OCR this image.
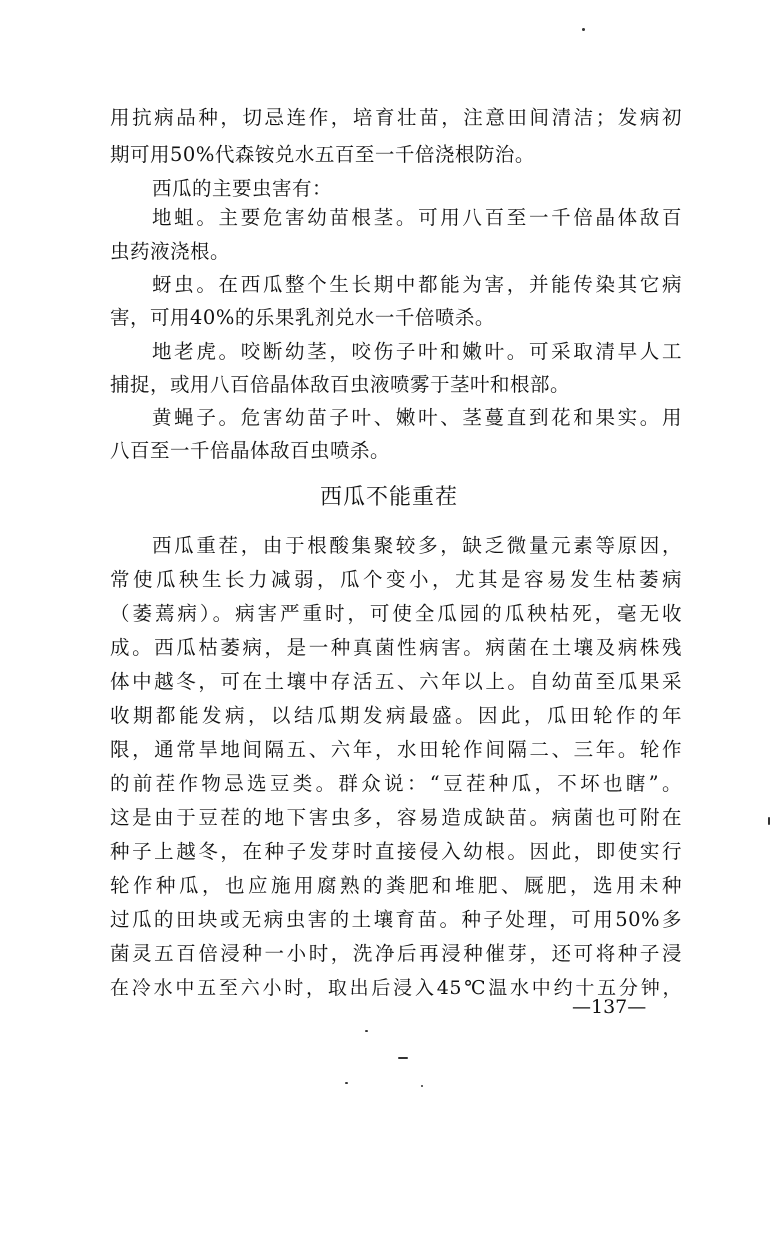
用抗病品种，切忌连作，培育壮苗，注意田间清洁；发病初
期可用50%代森铵兑水五百至一千倍浇根防治。
西瓜的主要虫害有：
地蛆。主要危害幼苗根茎。可用八百至一千倍晶体敌百
虫药液浇根。
蚜虫。在西瓜整个生长期中都能为害，并能传染其它病
害，可用40%的乐果乳剂兑水一千倍喷杀。
地老虎。咬断幼茎，咬伤子叶和嫩叶。可采取清早人工
捕捉，或用八百倍晶体敌百虫液喷雾于茎叶和根部。
黄蝇子。危害幼苗子叶、嫩叶、茎蔓直到花和果实。用
八百至一千倍晶体敌百虫喷杀。
西瓜不能重茬
西瓜重茬，由于根酸集聚较多，缺乏微量元素等原因，
常使瓜秧生长力减弱，瓜个变小，尤其是容易发生枯萎病
（萎蔫病）。病害严重时，可使全瓜园的瓜秧枯死，毫无收
成。西瓜枯萎病，是一种真菌性病害。病菌在土壤及病株残
体中越冬，可在土壤中存活五、六年以上。自幼苗至瓜果采
收期都能发病，以结瓜期发病最盛。因此，瓜田轮作的年
限，通常旱地间隔五、六年，水田轮作间隔二、三年。轮作
的前茬作物忌选豆类。群众说：“豆茬种瓜，不坏也瞎”。
这是由于豆茬的地下害虫多，容易造成缺苗。病菌也可附在
种子上越冬，在种子发芽时直接侵入幼根。因此，即使实行
轮作种瓜，也应施用腐熟的粪肥和堆肥、厩肥，选用未种
过瓜的田块或无病虫害的土壤育苗。种子处理，可用50%多
菌灵五百倍浸种一小时，洗净后再浸种催芽，还可将种子浸
在冷水中五至六小时，取出后浸入45℃温水中约十五分钟，
—137—
